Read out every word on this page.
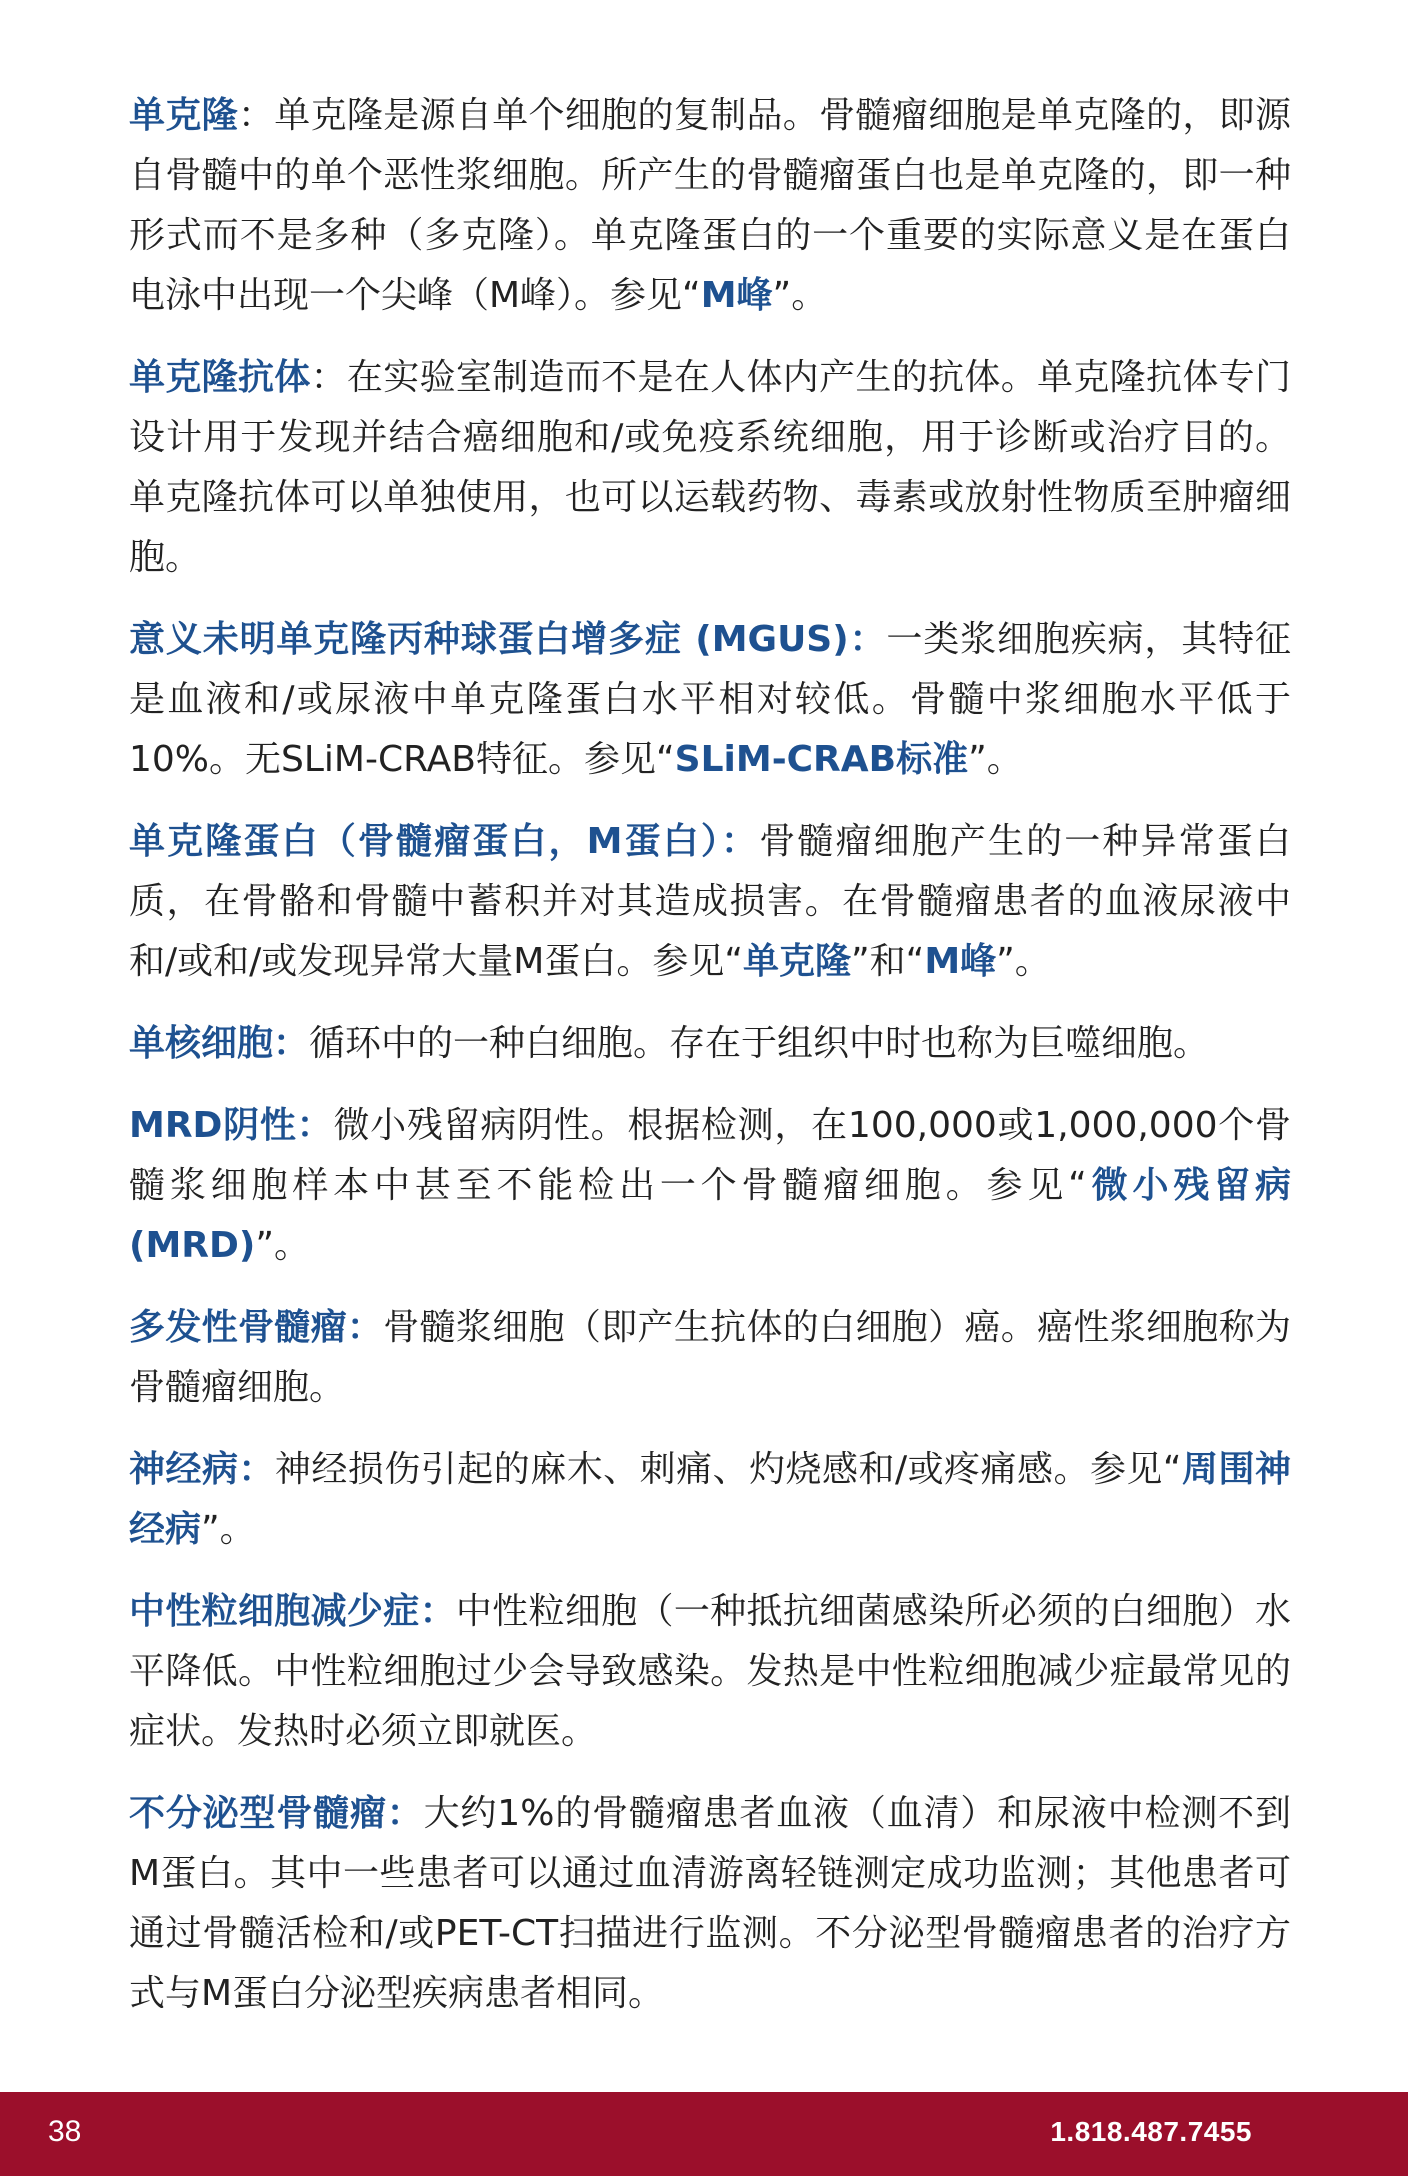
单克隆：单克隆是源自单个细胞的复制品。骨髓瘤细胞是单克隆的，即源自骨髓中的单个恶性浆细胞。所产生的骨髓瘤蛋白也是单克隆的，即一种形式而不是多种（多克隆）。单克隆蛋白的一个重要的实际意义是在蛋白电泳中出现一个尖峰（M峰）。参见“M峰”。

单克隆抗体：在实验室制造而不是在人体内产生的抗体。单克隆抗体专门设计用于发现并结合癌细胞和/或免疫系统细胞，用于诊断或治疗目的。单克隆抗体可以单独使用，也可以运载药物、毒素或放射性物质至肿瘤细胞。

意义未明单克隆丙种球蛋白增多症 (MGUS)：一类浆细胞疾病，其特征是血液和/或尿液中单克隆蛋白水平相对较低。骨髓中浆细胞水平低于10%。无SLiM-CRAB特征。参见“SLiM-CRAB标准”。

单克隆蛋白（骨髓瘤蛋白，M蛋白）：骨髓瘤细胞产生的一种异常蛋白质，在骨骼和骨髓中蓄积并对其造成损害。在骨髓瘤患者的血液尿液中和/或和/或发现异常大量M蛋白。参见“单克隆”和“M峰”。

单核细胞：循环中的一种白细胞。存在于组织中时也称为巨噬细胞。

MRD阴性：微小残留病阴性。根据检测，在100,000或1,000,000个骨髓浆细胞样本中甚至不能检出一个骨髓瘤细胞。参见“微小残留病 (MRD)”。

多发性骨髓瘤：骨髓浆细胞（即产生抗体的白细胞）癌。癌性浆细胞称为骨髓瘤细胞。

神经病：神经损伤引起的麻木、刺痛、灼烧感和/或疼痛感。参见“周围神经病”。

中性粒细胞减少症：中性粒细胞（一种抵抗细菌感染所必须的白细胞）水平降低。中性粒细胞过少会导致感染。发热是中性粒细胞减少症最常见的症状。发热时必须立即就医。

不分泌型骨髓瘤：大约1%的骨髓瘤患者血液（血清）和尿液中检测不到M蛋白。其中一些患者可以通过血清游离轻链测定成功监测；其他患者可通过骨髓活检和/或PET-CT扫描进行监测。不分泌型骨髓瘤患者的治疗方式与M蛋白分泌型疾病患者相同。

38	1.818.487.7455
